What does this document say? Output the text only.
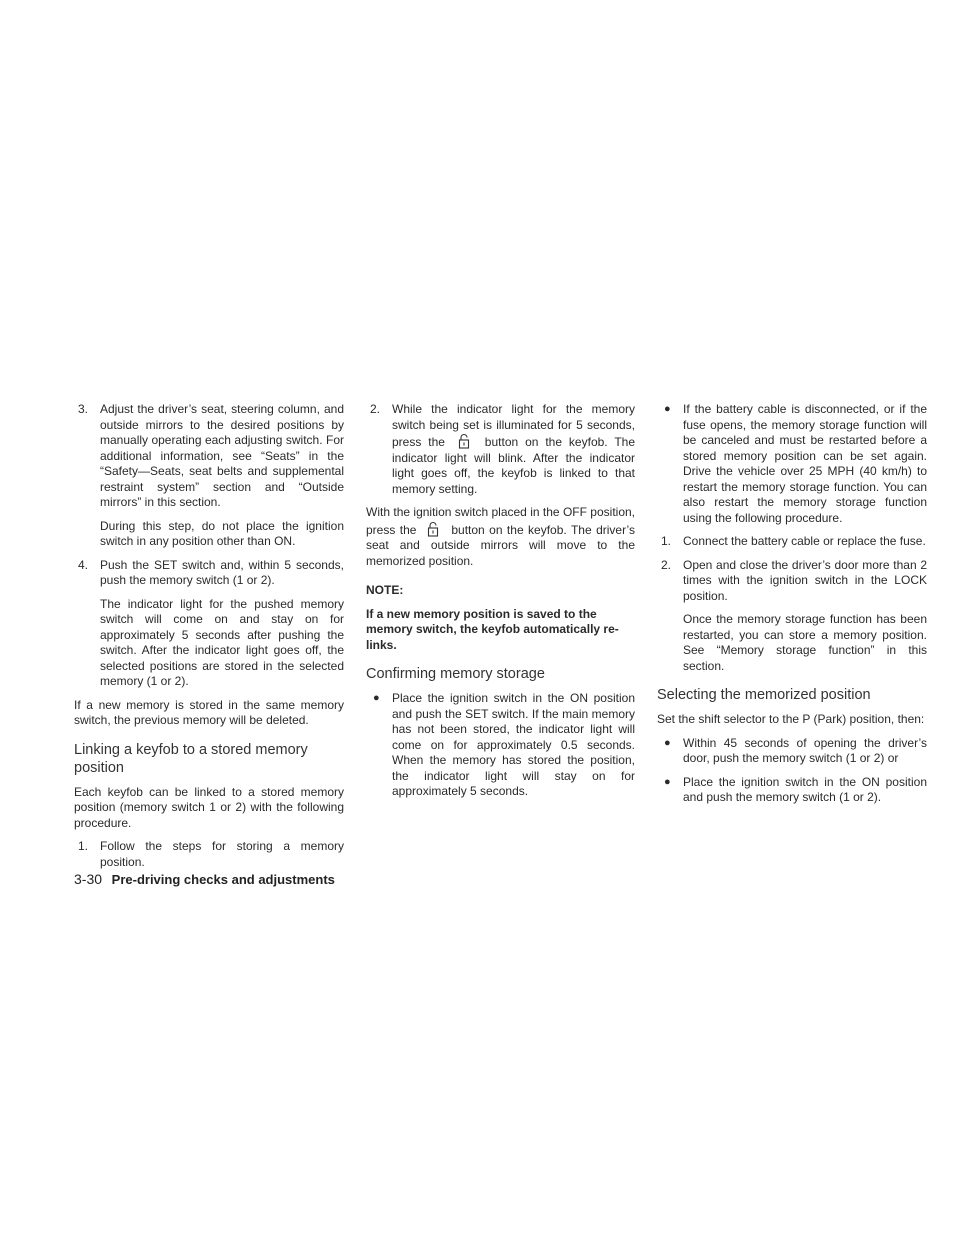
3. Adjust the driver’s seat, steering column, and outside mirrors to the desired positions by manually operating each adjusting switch. For additional information, see “Seats” in the “Safety—Seats, seat belts and supplemental restraint system” section and “Outside mirrors” in this section.
During this step, do not place the ignition switch in any position other than ON.
4. Push the SET switch and, within 5 seconds, push the memory switch (1 or 2).
The indicator light for the pushed memory switch will come on and stay on for approximately 5 seconds after pushing the switch. After the indicator light goes off, the selected positions are stored in the selected memory (1 or 2).

If a new memory is stored in the same memory switch, the previous memory will be deleted.

Linking a keyfob to a stored memory position

Each keyfob can be linked to a stored memory position (memory switch 1 or 2) with the following procedure.

1. Follow the steps for storing a memory position.
2. While the indicator light for the memory switch being set is illuminated for 5 seconds, press the	button on the keyfob. The indicator light will blink. After the indicator light goes off, the keyfob is linked to that memory setting.

With the ignition switch placed in the OFF position, press the	button on the keyfob. The driver’s seat and outside mirrors will move to the memorized position.

NOTE:

If a new memory position is saved to the memory switch, the keyfob automatically re-links.

Confirming memory storage
● Place the ignition switch in the ON position and push the SET switch. If the main memory has not been stored, the indicator light will come on for approximately 0.5 seconds. When the memory has stored the position, the indicator light will stay on for approximately 5 seconds.
● If the battery cable is disconnected, or if the fuse opens, the memory storage function will be canceled and must be restarted before a stored memory position can be set again. Drive the vehicle over 25 MPH (40 km/h) to restart the memory storage function. You can also restart the memory storage function using the following procedure.
1. Connect the battery cable or replace the fuse.
2. Open and close the driver’s door more than 2 times with the ignition switch in the LOCK position.
Once the memory storage function has been restarted, you can store a memory position. See “Memory storage function” in this section.
Selecting the memorized position

Set the shift selector to the P (Park) position, then:

● Within 45 seconds of opening the driver’s door, push the memory switch (1 or 2) or
● Place the ignition switch in the ON position and push the memory switch (1 or 2).
3-30 Pre-driving checks and adjustments
